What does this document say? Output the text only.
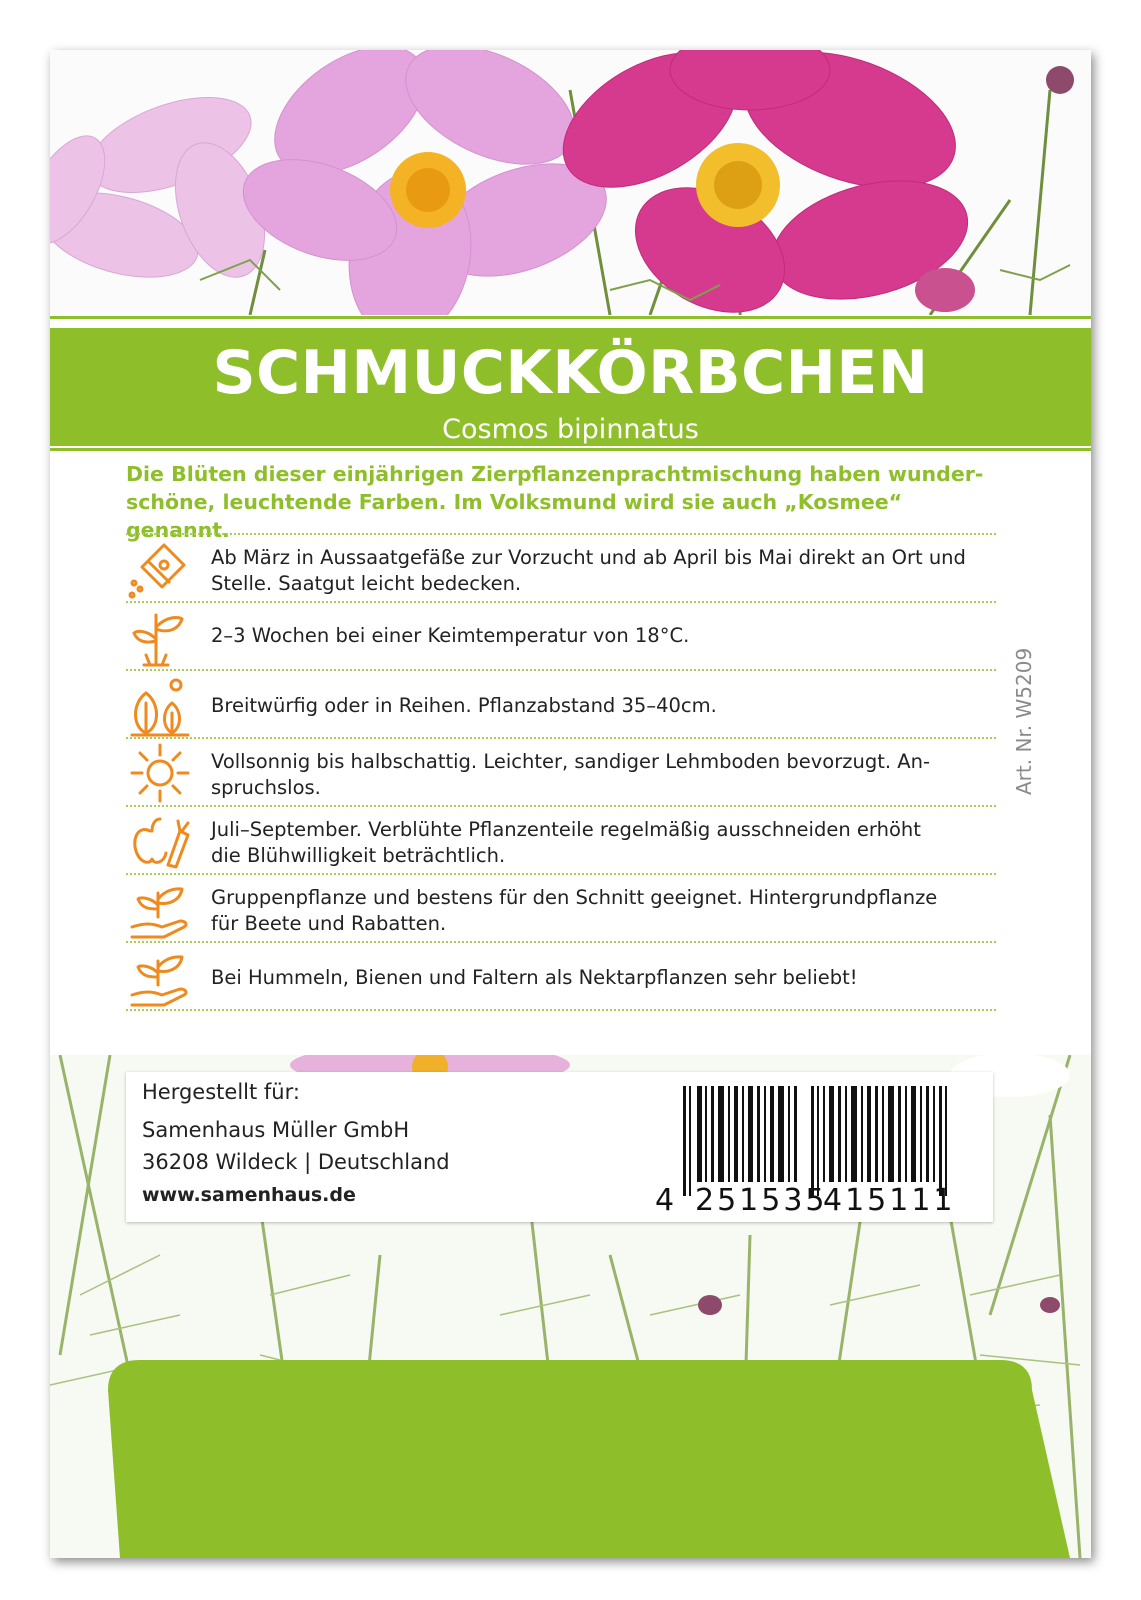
SCHMUCKKÖRBCHEN
Cosmos bipinnatus
Die Blüten dieser einjährigen Zierpflanzenprachtmischung haben wunder-
schöne, leuchtende Farben. Im Volksmund wird sie auch „Kosmee“ genannt.
Ab März in Aussaatgefäße zur Vorzucht und ab April bis Mai direkt an Ort und
Stelle. Saatgut leicht bedecken.
2–3 Wochen bei einer Keimtemperatur von 18°C.
Breitwürfig oder in Reihen. Pflanzabstand 35–40cm.
Vollsonnig bis halbschattig. Leichter, sandiger Lehmboden bevorzugt. An-
spruchslos.
Juli–September. Verblühte Pflanzenteile regelmäßig ausschneiden erhöht
die Blühwilligkeit beträchtlich.
Gruppenpflanze und bestens für den Schnitt geeignet. Hintergrundpflanze
für Beete und Rabatten.
Bei Hummeln, Bienen und Faltern als Nektarpflanzen sehr beliebt!
Art. Nr. W5209
Hergestellt für:
Samenhaus Müller GmbH
36208 Wildeck | Deutschland
www.samenhaus.de	4 251535
415111
